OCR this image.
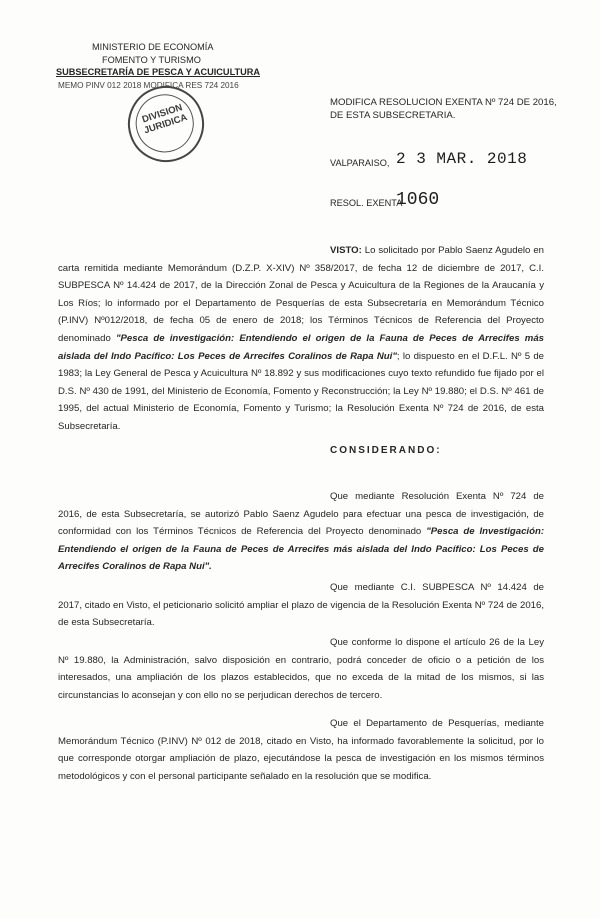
MINISTERIO DE ECONOMÍA
FOMENTO Y TURISMO
SUBSECRETARÍA DE PESCA Y ACUICULTURA
MEMO PINV 012 2018 MODIFICA RES 724 2016
DIVISION JURIDICA
MODIFICA RESOLUCION EXENTA Nº 724 DE 2016,
DE ESTA SUBSECRETARIA.
VALPARAISO, 2 3 MAR. 2018
RESOL. EXENTA
1060
VISTO: Lo solicitado por Pablo Saenz Agudelo en carta remitida mediante Memorándum (D.Z.P. X-XIV) Nº 358/2017, de fecha 12 de diciembre de 2017, C.I. SUBPESCA Nº 14.424 de 2017, de la Dirección Zonal de Pesca y Acuicultura de la Regiones de la Araucanía y Los Ríos; lo informado por el Departamento de Pesquerías de esta Subsecretaría en Memorándum Técnico (P.INV) Nº012/2018, de fecha 05 de enero de 2018; los Términos Técnicos de Referencia del Proyecto denominado "Pesca de investigación: Entendiendo el origen de la Fauna de Peces de Arrecifes más aislada del Indo Pacífico: Los Peces de Arrecifes Coralinos de Rapa Nui"; lo dispuesto en el D.F.L. Nº 5 de 1983; la Ley General de Pesca y Acuicultura Nº 18.892 y sus modificaciones cuyo texto refundido fue fijado por el D.S. Nº 430 de 1991, del Ministerio de Economía, Fomento y Reconstrucción; la Ley Nº 19.880; el D.S. Nº 461 de 1995, del actual Ministerio de Economía, Fomento y Turismo; la Resolución Exenta Nº 724 de 2016, de esta Subsecretaría.
CONSIDERANDO:
Que mediante Resolución Exenta Nº 724 de 2016, de esta Subsecretaría, se autorizó Pablo Saenz Agudelo para efectuar una pesca de investigación, de conformidad con los Términos Técnicos de Referencia del Proyecto denominado "Pesca de Investigación: Entendiendo el origen de la Fauna de Peces de Arrecifes más aislada del Indo Pacífico: Los Peces de Arrecifes Coralinos de Rapa Nui".
Que mediante C.I. SUBPESCA Nº 14.424 de 2017, citado en Visto, el peticionario solicitó ampliar el plazo de vigencia de la Resolución Exenta Nº 724 de 2016, de esta Subsecretaría.
Que conforme lo dispone el artículo 26 de la Ley Nº 19.880, la Administración, salvo disposición en contrario, podrá conceder de oficio o a petición de los interesados, una ampliación de los plazos establecidos, que no exceda de la mitad de los mismos, si las circunstancias lo aconsejan y con ello no se perjudican derechos de tercero.
Que el Departamento de Pesquerías, mediante Memorándum Técnico (P.INV) Nº 012 de 2018, citado en Visto, ha informado favorablemente la solicitud, por lo que corresponde otorgar ampliación de plazo, ejecutándose la pesca de investigación en los mismos términos metodológicos y con el personal participante señalado en la resolución que se modifica.
